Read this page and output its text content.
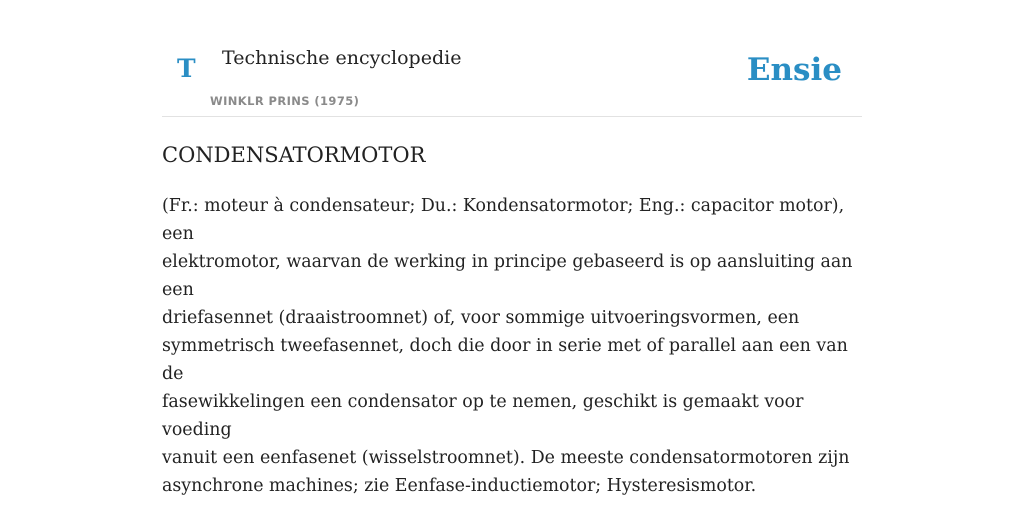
T Technische encyclopedie
WINKLR PRINS (1975)
Ensie
CONDENSATORMOTOR
(Fr.: moteur à condensateur; Du.: Kondensatormotor; Eng.: capacitor motor), een
elektromotor, waarvan de werking in principe gebaseerd is op aansluiting aan een
driefasennet (draaistroomnet) of, voor sommige uitvoeringsvormen, een
symmetrisch tweefasennet, doch die door in serie met of parallel aan een van de
fasewikkelingen een condensator op te nemen, geschikt is gemaakt voor voeding
vanuit een eenfasenet (wisselstroomnet). De meeste condensatormotoren zijn
asynchrone machines; zie Eenfase-inductiemotor; Hysteresismotor.
